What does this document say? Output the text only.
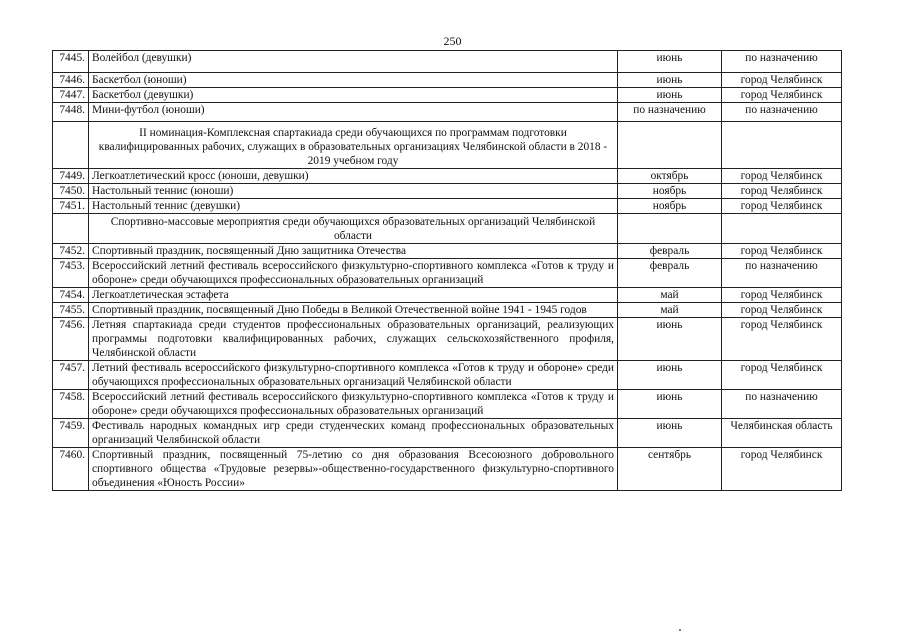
250
7445.	Волейбол (девушки)	июнь	по назначению
7446.	Баскетбол (юноши)	июнь	город Челябинск
7447.	Баскетбол (девушки)	июнь	город Челябинск
7448.	Мини-футбол (юноши)	по назначению	по назначению
	II номинация-Комплексная спартакиада среди обучающихся по программам подготовки квалифицированных рабочих, служащих в образовательных организациях Челябинской области в 2018 - 2019 учебном году		
7449.	Легкоатлетический кросс (юноши, девушки)	октябрь	город Челябинск
7450.	Настольный теннис (юноши)	ноябрь	город Челябинск
7451.	Настольный теннис (девушки)	ноябрь	город Челябинск
	Спортивно-массовые мероприятия среди обучающихся образовательных организаций Челябинской области		
7452.	Спортивный праздник, посвященный Дню защитника Отечества	февраль	город Челябинск
7453.	Всероссийский летний фестиваль всероссийского физкультурно-спортивного комплекса «Готов к труду и обороне» среди обучающихся профессиональных образовательных организаций	февраль	по назначению
7454.	Легкоатлетическая эстафета	май	город Челябинск
7455.	Спортивный праздник, посвященный Дню Победы в Великой Отечественной войне 1941 - 1945 годов	май	город Челябинск
7456.	Летняя спартакиада среди студентов профессиональных образовательных организаций, реализующих программы подготовки квалифицированных рабочих, служащих сельскохозяйственного профиля, Челябинской области	июнь	город Челябинск
7457.	Летний фестиваль всероссийского физкультурно-спортивного комплекса «Готов к труду и обороне» среди обучающихся профессиональных образовательных организаций Челябинской области	июнь	город Челябинск
7458.	Всероссийский летний фестиваль всероссийского физкультурно-спортивного комплекса «Готов к труду и обороне» среди обучающихся профессиональных образовательных организаций	июнь	по назначению
7459.	Фестиваль народных командных игр среди студенческих команд профессиональных образовательных организаций Челябинской области	июнь	Челябинская область
7460.	Спортивный праздник, посвященный 75-летию со дня образования Всесоюзного добровольного спортивного общества «Трудовые резервы»-общественно-государственного физкультурно-спортивного объединения «Юность России»	сентябрь	город Челябинск
